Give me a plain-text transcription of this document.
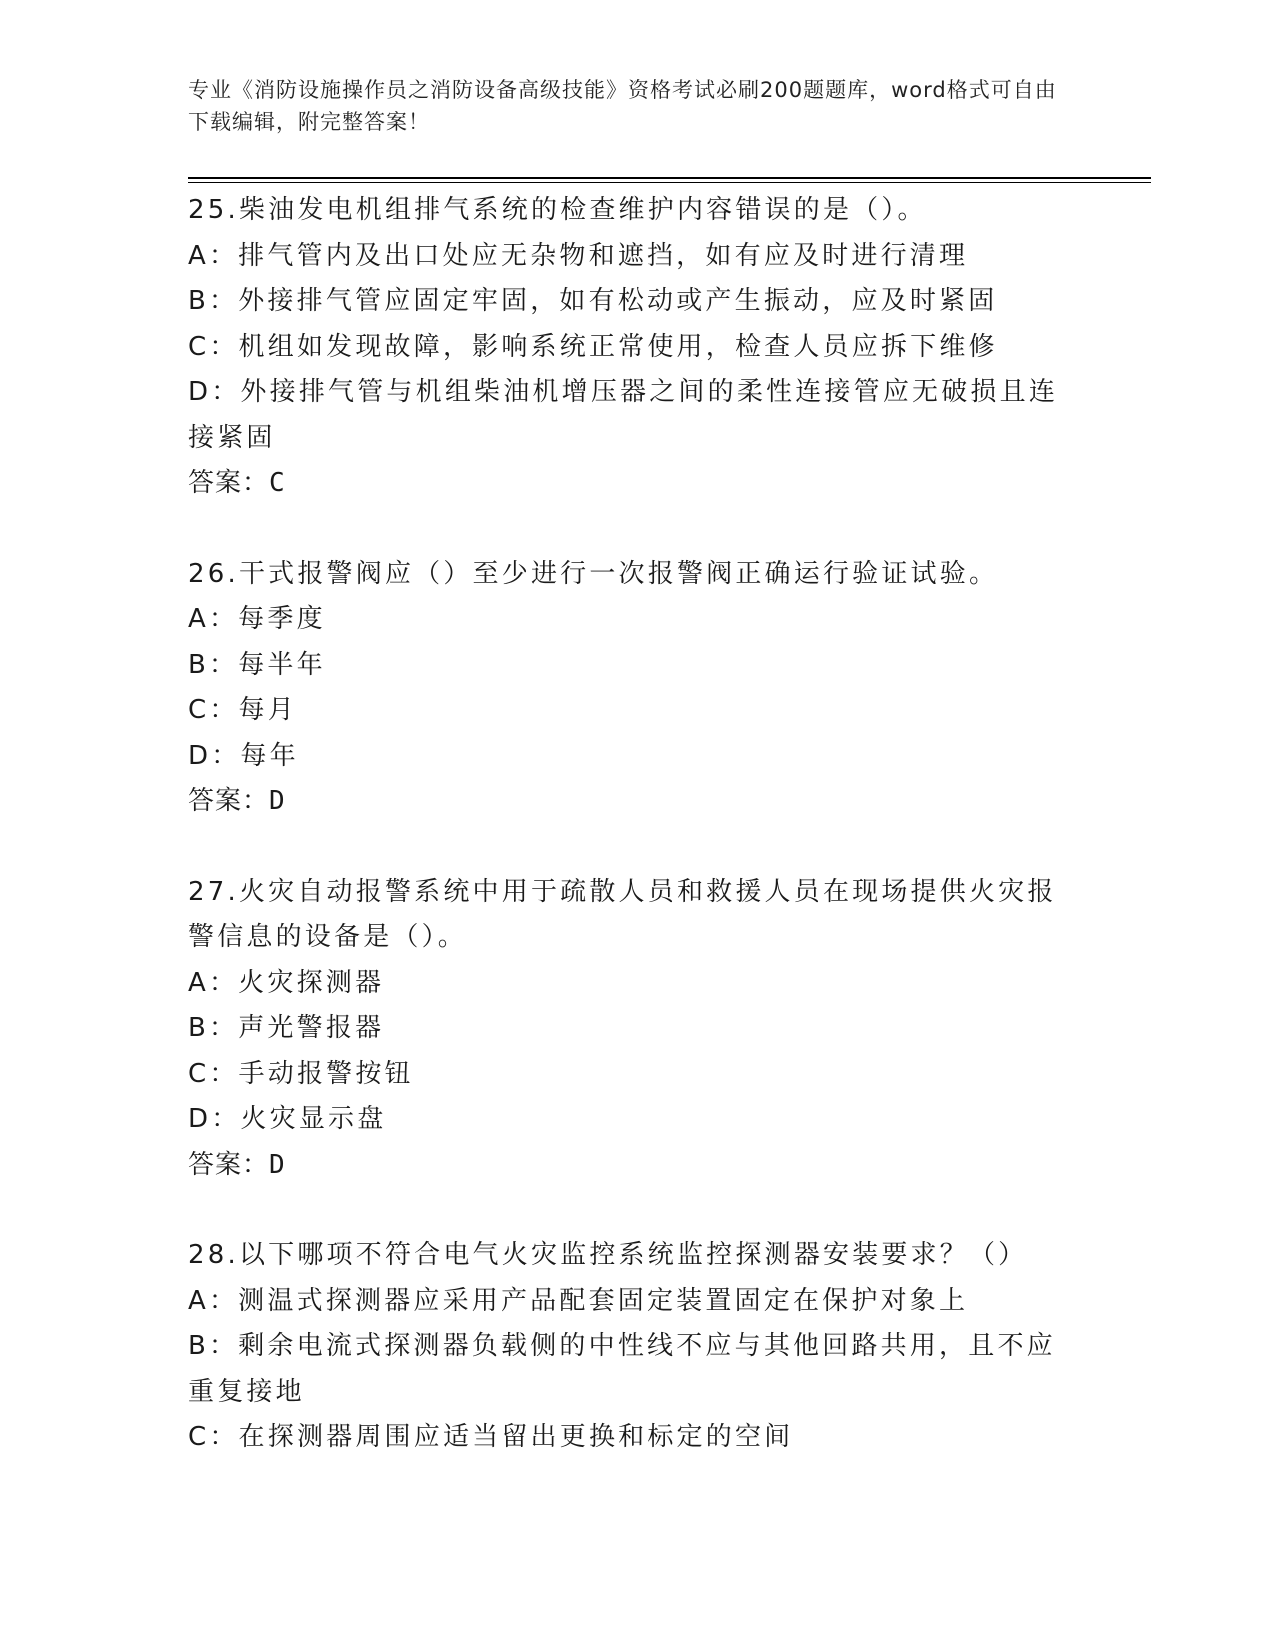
专业《消防设施操作员之消防设备高级技能》资格考试必刷200题题库，word格式可自由下载编辑，附完整答案！
25.柴油发电机组排气系统的检查维护内容错误的是（）。
A：排气管内及出口处应无杂物和遮挡，如有应及时进行清理
B：外接排气管应固定牢固，如有松动或产生振动，应及时紧固
C：机组如发现故障，影响系统正常使用，检查人员应拆下维修
D：外接排气管与机组柴油机增压器之间的柔性连接管应无破损且连接紧固
答案：C
26.干式报警阀应（）至少进行一次报警阀正确运行验证试验。
A：每季度
B：每半年
C：每月
D：每年
答案：D
27.火灾自动报警系统中用于疏散人员和救援人员在现场提供火灾报警信息的设备是（）。
A：火灾探测器
B：声光警报器
C：手动报警按钮
D：火灾显示盘
答案：D
28.以下哪项不符合电气火灾监控系统监控探测器安装要求？（）
A：测温式探测器应采用产品配套固定装置固定在保护对象上
B：剩余电流式探测器负载侧的中性线不应与其他回路共用，且不应重复接地
C：在探测器周围应适当留出更换和标定的空间
